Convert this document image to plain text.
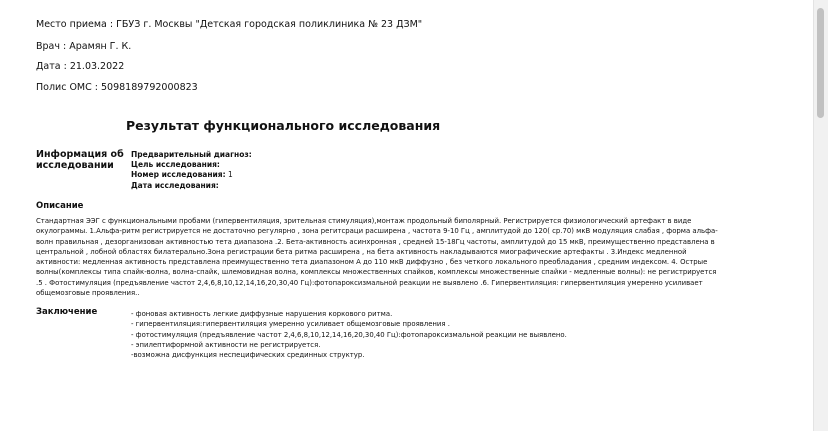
Место приема : ГБУЗ г. Москвы "Детская городская поликлиника № 23 ДЗМ"
Врач : Арамян Г. К.
Дата : 21.03.2022
Полис ОМС : 5098189792000823
Результат функционального исследования
Информация об
исследовании
Предварительный диагноз:
Цель исследования:
Номер исследования: 1
Дата исследования:
Описание
Стандартная ЭЭГ с функциональными пробами (гипервентиляция, зрительная стимуляция),монтаж продольный биполярный. Регистрируется физиологический артефакт в виде
окулограммы. 1.Альфа-ритм регистрируется не достаточно регулярно , зона регитсраци расширена , частота 9-10 Гц , амплитудой до 120( ср.70) мкВ модуляция слабая , форма альфа-
волн правильная , дезорганизован активностью тета диапазона .2. Бета-активность асинхронная , средней 15-18Гц частоты, амплитудой до 15 мкВ, преимущественно представлена в
центральной , лобной областях билатерально.Зона регистрации бета ритма расширена , на бета активность накладываются миографические артефакты . 3.Индекс медленной
активности: медленная активность представлена преимущественно тета диапазоном А до 110 мкВ диффузно , без четкого локального преобладания , средним индексом. 4. Острые
волны(комплексы типа спайк-волна, волна-спайк, шлемовидная волна, комплексы множественных спайков, комплексы множественные спайки - медленные волны): не регистрируется
.5 . Фотостимуляция (предъявление частот 2,4,6,8,10,12,14,16,20,30,40 Гц):фотопароксизмальной реакции не выявлено .6. Гипервентиляция: гипервентиляция умеренно усиливает
общемозговые проявления..
Заключение	- фоновая активность легкие диффузные нарушения коркового ритма.
- гипервентиляция:гипервентиляция умеренно усиливает общемозговые проявления .
- фотостимуляция (предъявление частот 2,4,6,8,10,12,14,16,20,30,40 Гц):фотопароксизмальной реакции не выявлено.
- эпилептиформной активности не регистрируется.
-возможна дисфункция неспецифических срединных структур.
